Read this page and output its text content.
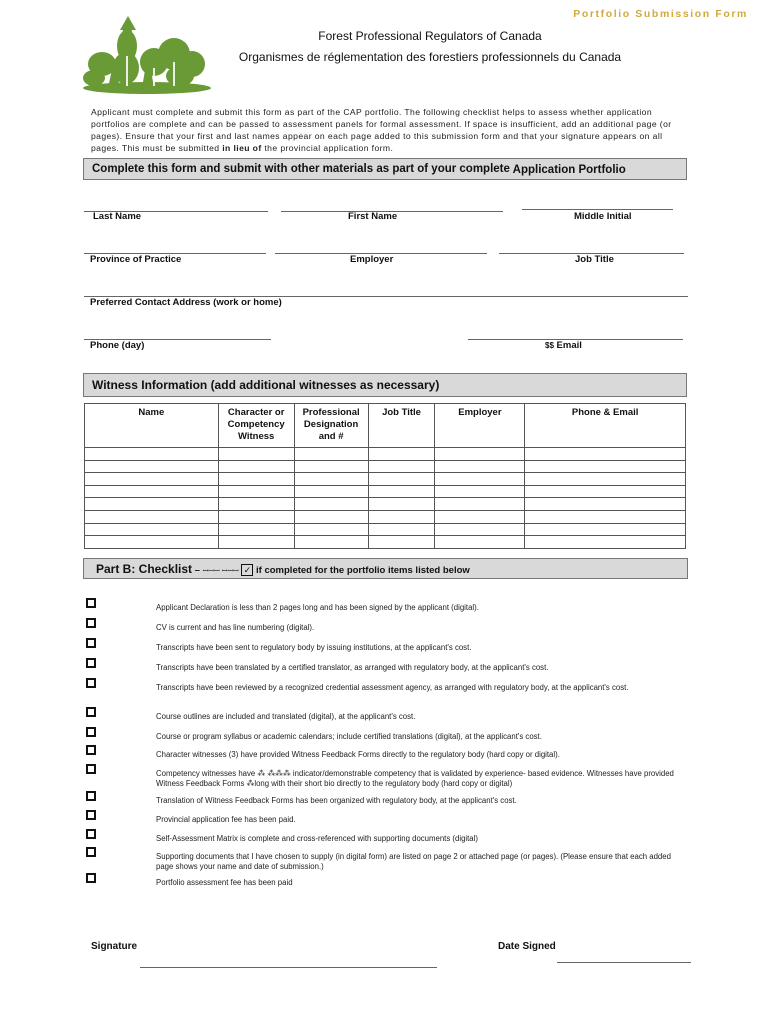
Portfolio Submission Form
Forest Professional Regulators of Canada
Organismes de réglementation des forestiers professionnels du Canada
Applicant must complete and submit this form as part of the CAP portfolio. The following checklist helps to assess whether application portfolios are complete and can be passed to assessment panels for formal assessment. If space is insufficient, add an additional page (or pages). Ensure that your first and last names appear on each page added to this submission form and that your signature appears on all pages. This must be submitted in lieu of the provincial application form.
Complete this form and submit with other materials as part of your complete Application Portfolio
Last Name	First Name	Middle Initial
Province of Practice	Employer	Job Title
Preferred Contact Address (work or home)
Phone (day)	$$ Email
Witness Information (add additional witnesses as necessary)
Name	Character or Competency Witness	Professional Designation and #	Job Title	Employer	Phone & Email

Part B: Checklist – ꟷꟷꟷ ꟷꟷꟷ ✓ if completed for the portfolio items listed below
Applicant Declaration is less than 2 pages long and has been signed by the applicant (digital).
CV is current and has line numbering (digital).
Transcripts have been sent to regulatory body by issuing institutions, at the applicant's cost.
Transcripts have been translated by a certified translator, as arranged with regulatory body, at the applicant's cost.
Transcripts have been reviewed by a recognized credential assessment agency, as arranged with regulatory body, at the applicant's cost.
Course outlines are included and translated (digital), at the applicant's cost.
Course or program syllabus or academic calendars; include certified translations (digital), at the applicant's cost.
Character witnesses (3) have provided Witness Feedback Forms directly to the regulatory body (hard copy or digital).
Competency witnesses have ⁂ ⁂⁂⁂ indicator/demonstrable competency that is validated by experience- based evidence. Witnesses have provided Witness Feedback Forms ⁂long with their short bio directly to the regulatory body (hard copy or digital)
Translation of Witness Feedback Forms has been organized with regulatory body, at the applicant's cost.
Provincial application fee has been paid.
Self-Assessment Matrix is complete and cross-referenced with supporting documents (digital)
Supporting documents that I have chosen to supply (in digital form) are listed on page 2 or attached page (or pages). (Please ensure that each added page shows your name and date of submission.)
Portfolio assessment fee has been paid
Signature	Date Signed
